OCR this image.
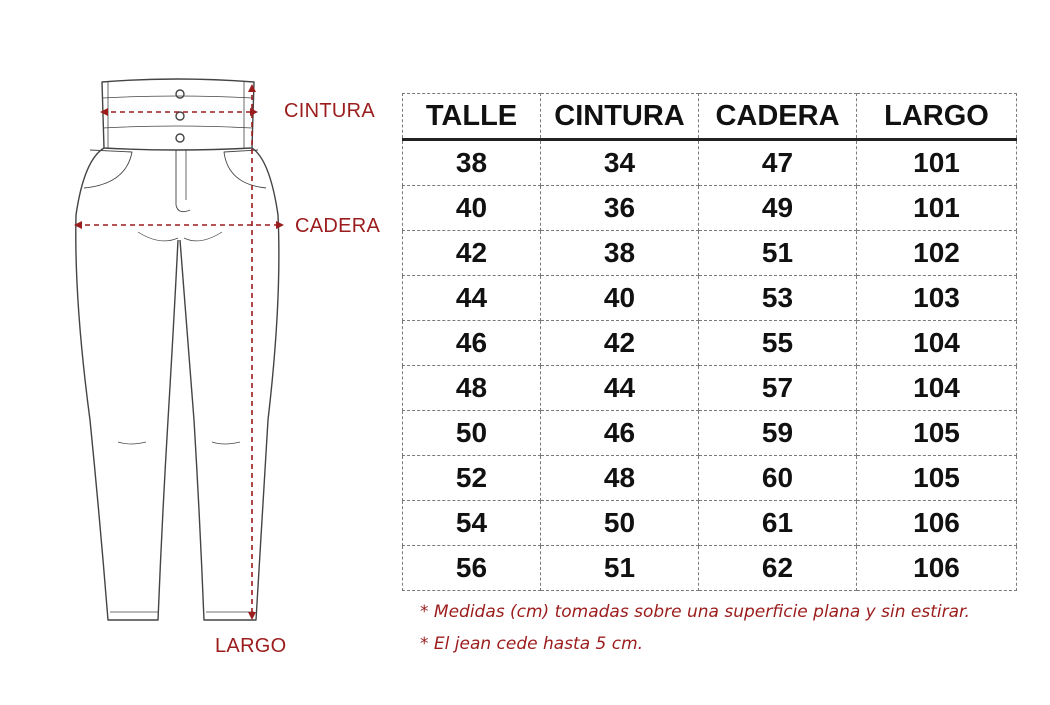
CINTURA
CADERA
LARGO
TALLE	CINTURA	CADERA	LARGO
38	34	47	101
40	36	49	101
42	38	51	102
44	40	53	103
46	42	55	104
48	44	57	104
50	46	59	105
52	48	60	105
54	50	61	106
56	51	62	106
* Medidas (cm) tomadas sobre una superficie plana y sin estirar.
* El jean cede hasta 5 cm.
